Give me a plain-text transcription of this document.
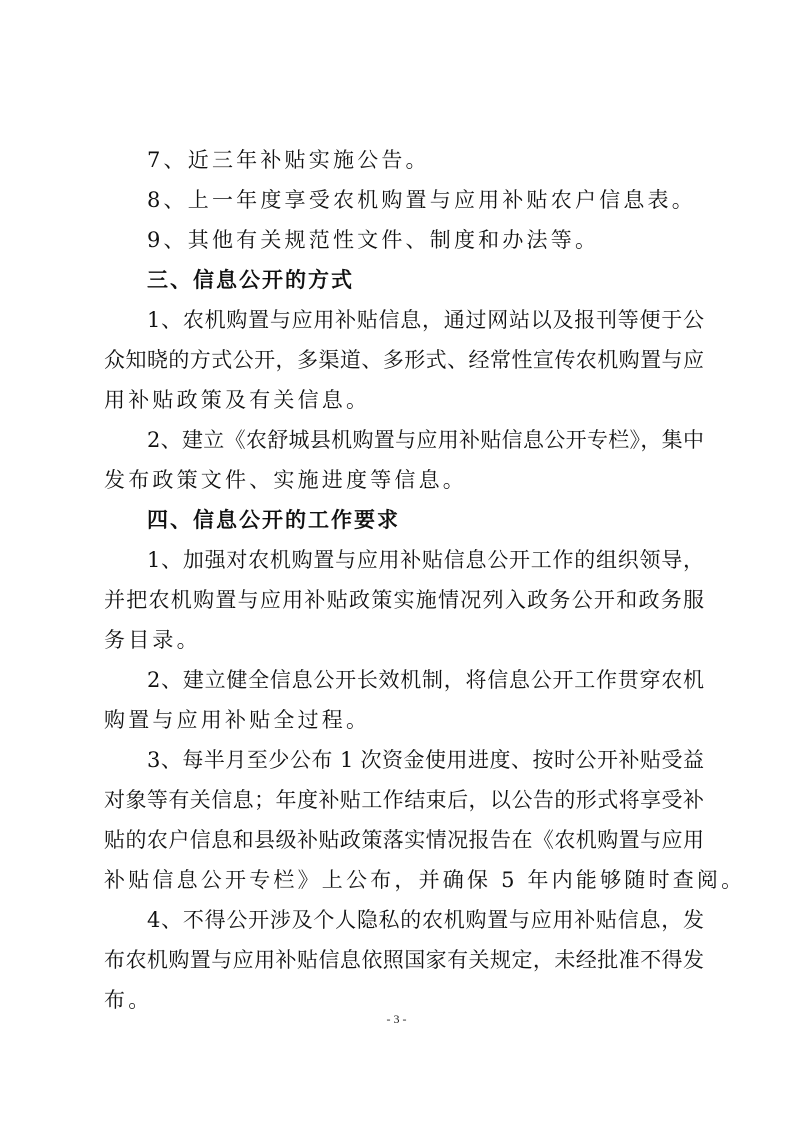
7、近三年补贴实施公告。
8、上一年度享受农机购置与应用补贴农户信息表。
9、其他有关规范性文件、制度和办法等。
三、信息公开的方式
1、农机购置与应用补贴信息，通过网站以及报刊等便于公
众知晓的方式公开，多渠道、多形式、经常性宣传农机购置与应
用补贴政策及有关信息。
2、建立《农舒城县机购置与应用补贴信息公开专栏》，集中
发布政策文件、实施进度等信息。
四、信息公开的工作要求
1、加强对农机购置与应用补贴信息公开工作的组织领导，
并把农机购置与应用补贴政策实施情况列入政务公开和政务服
务目录。
2、建立健全信息公开长效机制，将信息公开工作贯穿农机
购置与应用补贴全过程。
3、每半月至少公布 1 次资金使用进度、按时公开补贴受益
对象等有关信息；年度补贴工作结束后，以公告的形式将享受补
贴的农户信息和县级补贴政策落实情况报告在《农机购置与应用
补贴信息公开专栏》上公布，并确保 5 年内能够随时查阅。
4、不得公开涉及个人隐私的农机购置与应用补贴信息，发
布农机购置与应用补贴信息依照国家有关规定，未经批准不得发
布。
- 3 -
